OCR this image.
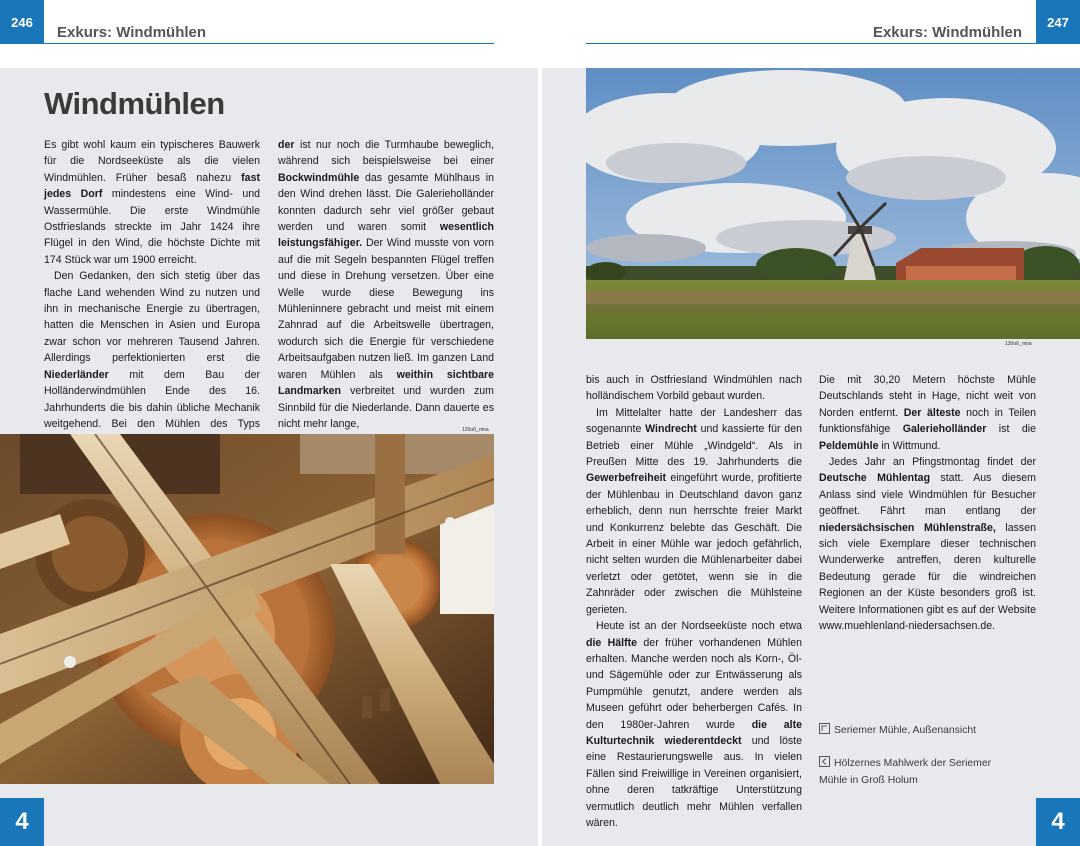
246
Exkurs: Windmühlen
247
Exkurs: Windmühlen
Windmühlen

Es gibt wohl kaum ein typischeres Bauwerk für die Nordseeküste als die vielen Windmühlen. Früher besaß nahezu fast jedes Dorf mindestens eine Wind- und Wassermühle. Die erste Windmühle Ostfrieslands streckte im Jahr 1424 ihre Flügel in den Wind, die höchste Dichte mit 174 Stück war um 1900 erreicht.

Den Gedanken, den sich stetig über das flache Land wehenden Wind zu nutzen und ihn in mechanische Energie zu übertragen, hatten die Menschen in Asien und Europa zwar schon vor mehreren Tausend Jahren. Allerdings perfektionierten erst die Niederländer mit dem Bau der Holländerwindmühlen Ende des 16. Jahrhunderts die bis dahin übliche Mechanik weitgehend. Bei den Mühlen des Typs

der ist nur noch die Turmhaube beweglich, während sich beispielsweise bei einer Bockwindmühle das gesamte Mühlhaus in den Wind drehen lässt. Die Galerieholländer konnten dadurch sehr viel größer gebaut werden und waren somit wesentlich leistungsfähiger. Der Wind musste von vorn auf die mit Segeln bespannten Flügel treffen und diese in Drehung versetzen. Über eine Welle wurde diese Bewegung ins Mühleninnere gebracht und meist mit einem Zahnrad auf die Arbeitswelle übertragen, wodurch sich die Energie für verschiedene Arbeitsaufgaben nutzen ließ. Im ganzen Land waren Mühlen als weithin sichtbare Landmarken verbreitet und wurden zum Sinnbild für die Niederlande. Dann dauerte es nicht mehr lange,

129oß_mna
130oß_mna

bis auch in Ostfriesland Windmühlen nach holländischem Vorbild gebaut wurden.

Im Mittelalter hatte der Landesherr das sogenannte Windrecht und kassierte für den Betrieb einer Mühle „Windgeld“. Als in Preußen Mitte des 19. Jahrhunderts die Gewerbefreiheit eingeführt wurde, profitierte der Mühlenbau in Deutschland davon ganz erheblich, denn nun herrschte freier Markt und Konkurrenz belebte das Geschäft. Die Arbeit in einer Mühle war jedoch gefährlich, nicht selten wurden die Mühlenarbeiter dabei verletzt oder getötet, wenn sie in die Zahnräder oder zwischen die Mühlsteine gerieten.

Heute ist an der Nordseeküste noch etwa die Hälfte der früher vorhandenen Mühlen erhalten. Manche werden noch als Korn-, Öl- und Sägemühle oder zur Entwässerung als Pumpmühle genutzt, andere werden als Museen geführt oder beherbergen Cafés. In den 1980er-Jahren wurde die alte Kulturtechnik wiederentdeckt und löste eine Restaurierungswelle aus. In vielen Fällen sind Freiwillige in Vereinen organisiert, ohne deren tatkräftige Unterstützung vermutlich deutlich mehr Mühlen verfallen wären.

Die mit 30,20 Metern höchste Mühle Deutschlands steht in Hage, nicht weit von Norden entfernt. Der älteste noch in Teilen funktionsfähige Galerieholländer ist die Peldemühle in Wittmund.

Jedes Jahr an Pfingstmontag findet der Deutsche Mühlentag statt. Aus diesem Anlass sind viele Windmühlen für Besucher geöffnet. Fährt man entlang der niedersächsischen Mühlenstraße, lassen sich viele Exemplare dieser technischen Wunderwerke antreffen, deren kulturelle Bedeutung gerade für die windreichen Regionen an der Küste besonders groß ist. Weitere Informationen gibt es auf der Website www.muehlenland-niedersachsen.de.

Seriemer Mühle, Außenansicht
Hölzernes Mahlwerk der Seriemer Mühle in Groß Holum
4	4
